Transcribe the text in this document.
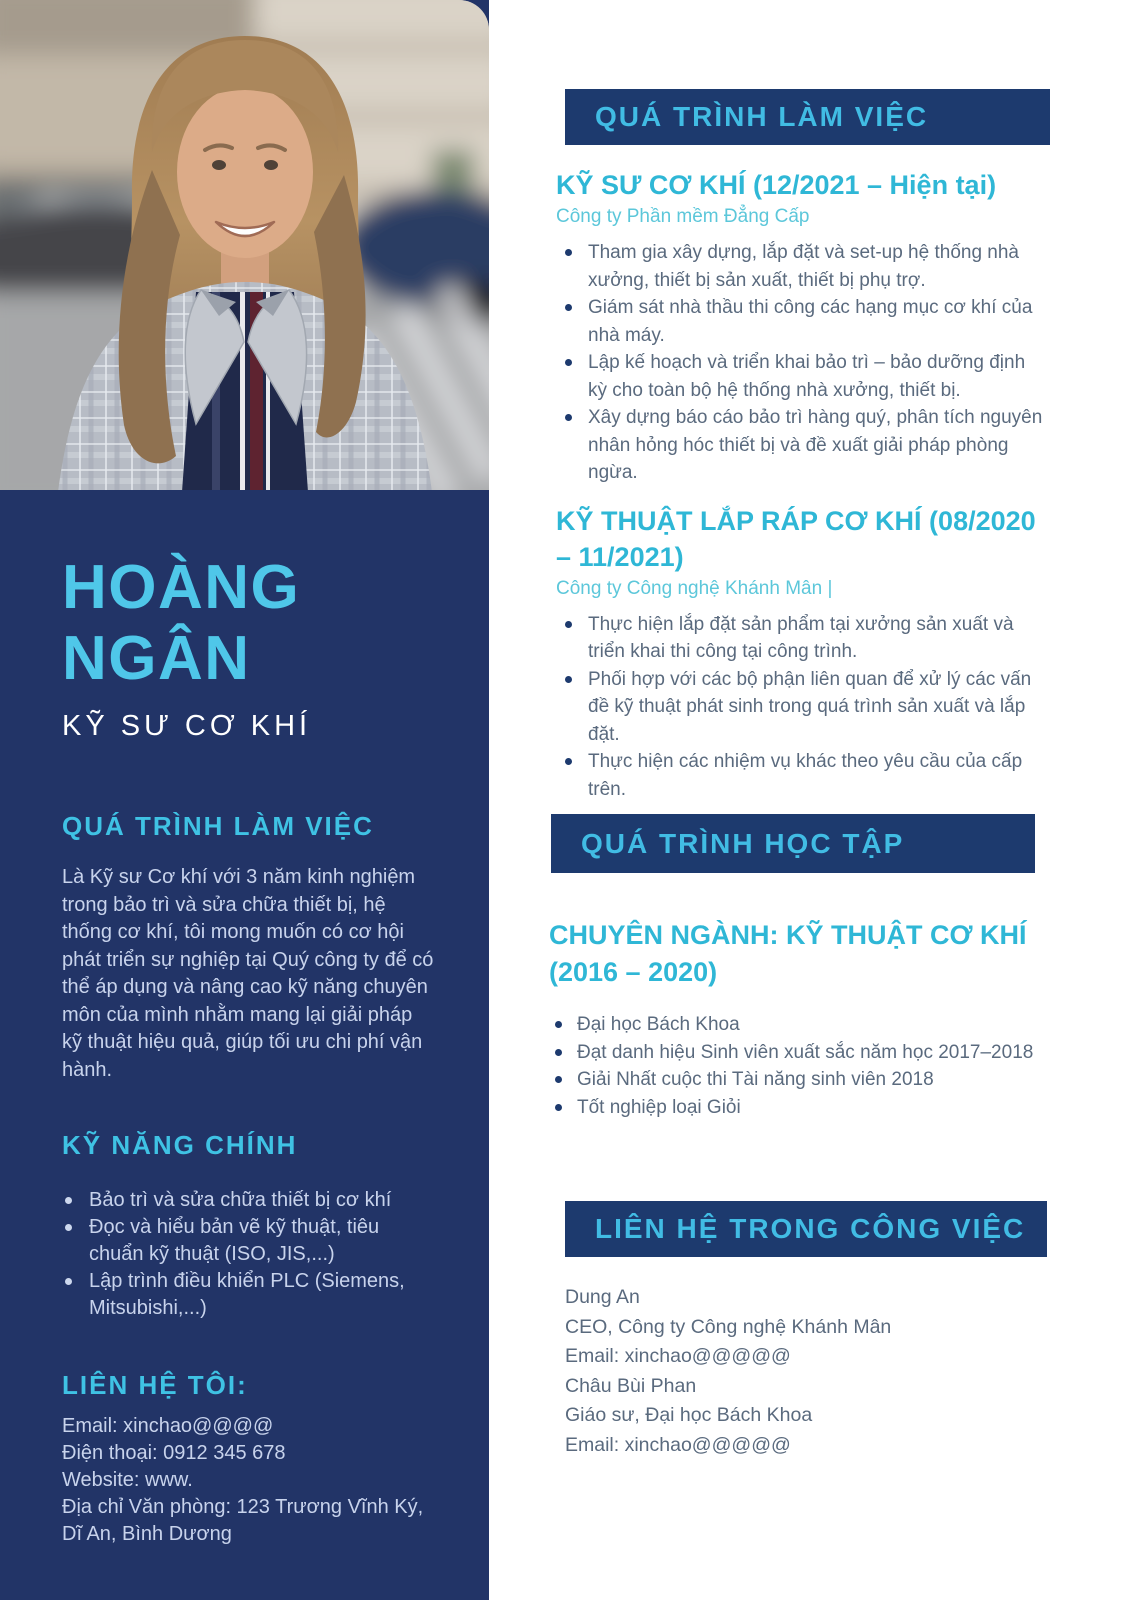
HOÀNG
NGÂN
KỸ SƯ CƠ KHÍ
QUÁ TRÌNH LÀM VIỆC
Là Kỹ sư Cơ khí với 3 năm kinh nghiệm trong bảo trì và sửa chữa thiết bị, hệ thống cơ khí, tôi mong muốn có cơ hội phát triển sự nghiệp tại Quý công ty để có thể áp dụng và nâng cao kỹ năng chuyên môn của mình nhằm mang lại giải pháp kỹ thuật hiệu quả, giúp tối ưu chi phí vận hành.
KỸ NĂNG CHÍNH
Bảo trì và sửa chữa thiết bị cơ khí
Đọc và hiểu bản vẽ kỹ thuật, tiêu chuẩn kỹ thuật (ISO, JIS,...)
Lập trình điều khiển PLC (Siemens, Mitsubishi,...)
LIÊN HỆ TÔI:
Email: xinchao@@@@
Điện thoại: 0912 345 678
Website: www.
Địa chỉ Văn phòng: 123 Trương Vĩnh Ký, Dĩ An, Bình Dương
QUÁ TRÌNH LÀM VIỆC
KỸ SƯ CƠ KHÍ (12/2021 – Hiện tại)
Công ty Phần mềm Đẳng Cấp
Tham gia xây dựng, lắp đặt và set-up hệ thống nhà xưởng, thiết bị sản xuất, thiết bị phụ trợ.
Giám sát nhà thầu thi công các hạng mục cơ khí của nhà máy.
Lập kế hoạch và triển khai bảo trì – bảo dưỡng định kỳ cho toàn bộ hệ thống nhà xưởng, thiết bị.
Xây dựng báo cáo bảo trì hàng quý, phân tích nguyên nhân hỏng hóc thiết bị và đề xuất giải pháp phòng ngừa.
KỸ THUẬT LẮP RÁP CƠ KHÍ (08/2020 – 11/2021)
Công ty Công nghệ Khánh Mân |
Thực hiện lắp đặt sản phẩm tại xưởng sản xuất và triển khai thi công tại công trình.
Phối hợp với các bộ phận liên quan để xử lý các vấn đề kỹ thuật phát sinh trong quá trình sản xuất và lắp đặt.
Thực hiện các nhiệm vụ khác theo yêu cầu của cấp trên.
QUÁ TRÌNH HỌC TẬP
CHUYÊN NGÀNH: KỸ THUẬT CƠ KHÍ (2016 – 2020)
Đại học Bách Khoa
Đạt danh hiệu Sinh viên xuất sắc năm học 2017–2018
Giải Nhất cuộc thi Tài năng sinh viên 2018
Tốt nghiệp loại Giỏi
LIÊN HỆ TRONG CÔNG VIỆC
Dung An
CEO, Công ty Công nghệ Khánh Mân
Email: xinchao@@@@@
Châu Bùi Phan
Giáo sư, Đại học Bách Khoa
Email: xinchao@@@@@
